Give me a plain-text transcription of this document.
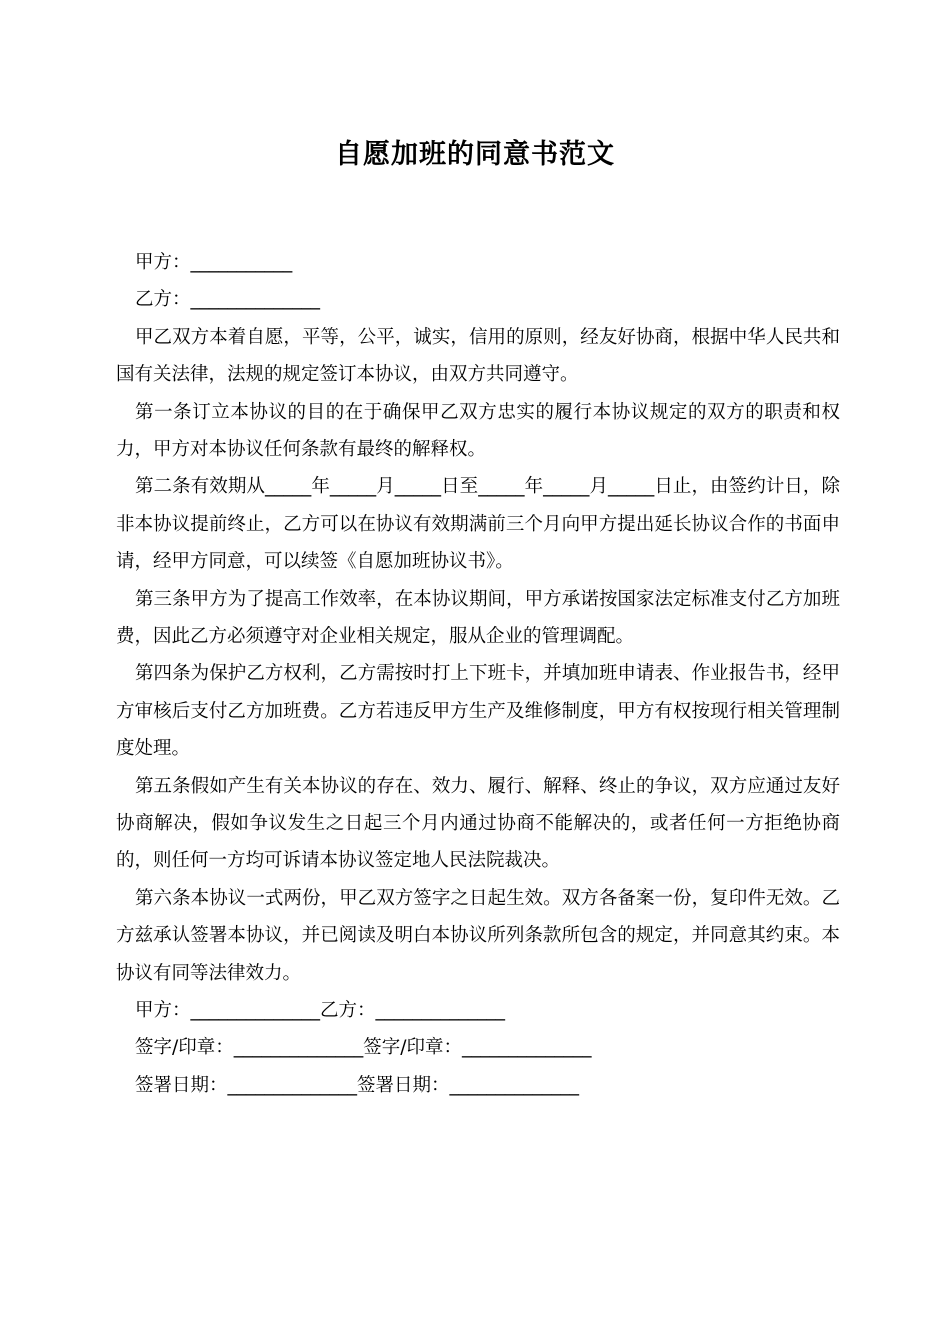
自愿加班的同意书范文
甲方：___________
乙方：______________

甲乙双方本着自愿，平等，公平，诚实，信用的原则，经友好协商，根据中华人民共和国有关法律，法规的规定签订本协议，由双方共同遵守。

第一条订立本协议的目的在于确保甲乙双方忠实的履行本协议规定的双方的职责和权力，甲方对本协议任何条款有最终的解释权。

第二条有效期从_____年_____月_____日至_____年_____月_____日止，由签约计日，除非本协议提前终止，乙方可以在协议有效期满前三个月向甲方提出延长协议合作的书面申请，经甲方同意，可以续签《自愿加班协议书》。

第三条甲方为了提高工作效率，在本协议期间，甲方承诺按国家法定标准支付乙方加班费，因此乙方必须遵守对企业相关规定，服从企业的管理调配。

第四条为保护乙方权利，乙方需按时打上下班卡，并填加班申请表、作业报告书，经甲方审核后支付乙方加班费。乙方若违反甲方生产及维修制度，甲方有权按现行相关管理制度处理。

第五条假如产生有关本协议的存在、效力、履行、解释、终止的争议，双方应通过友好协商解决，假如争议发生之日起三个月内通过协商不能解决的，或者任何一方拒绝协商的，则任何一方均可诉请本协议签定地人民法院裁决。

第六条本协议一式两份，甲乙双方签字之日起生效。双方各备案一份，复印件无效。乙方兹承认签署本协议，并已阅读及明白本协议所列条款所包含的规定，并同意其约束。本协议有同等法律效力。

甲方：______________乙方：______________
签字/印章：______________签字/印章：______________
签署日期：______________签署日期：______________
